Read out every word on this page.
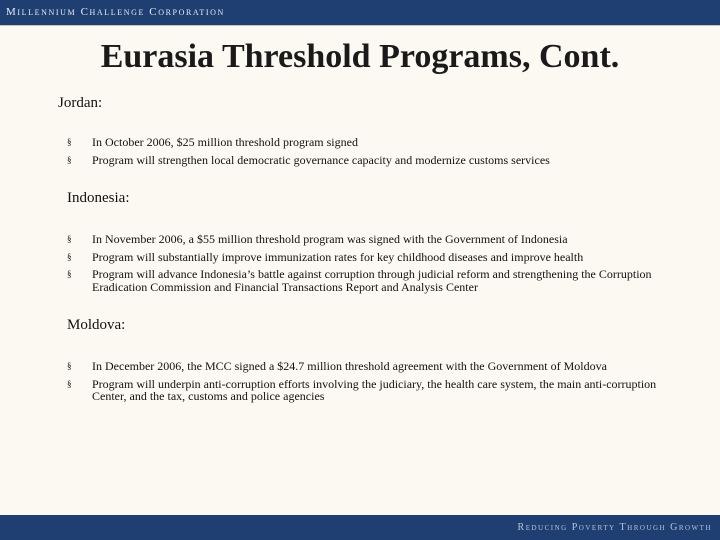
Millennium Challenge Corporation
Eurasia Threshold Programs, Cont.
Jordan:
§ In October 2006, $25 million threshold program signed
§ Program will strengthen local democratic governance capacity and modernize customs services
Indonesia:
§ In November 2006, a $55 million threshold program was signed with the Government of Indonesia
§ Program will substantially improve immunization rates for key childhood diseases and improve health
§ Program will advance Indonesia’s battle against corruption through judicial reform and strengthening the Corruption Eradication Commission and Financial Transactions Report and Analysis Center
Moldova:
§ In December 2006, the MCC signed a $24.7 million threshold agreement with the Government of Moldova
§ Program will underpin anti-corruption efforts involving the judiciary, the health care system, the main anti-corruption Center, and the tax, customs and police agencies
Reducing Poverty Through Growth
